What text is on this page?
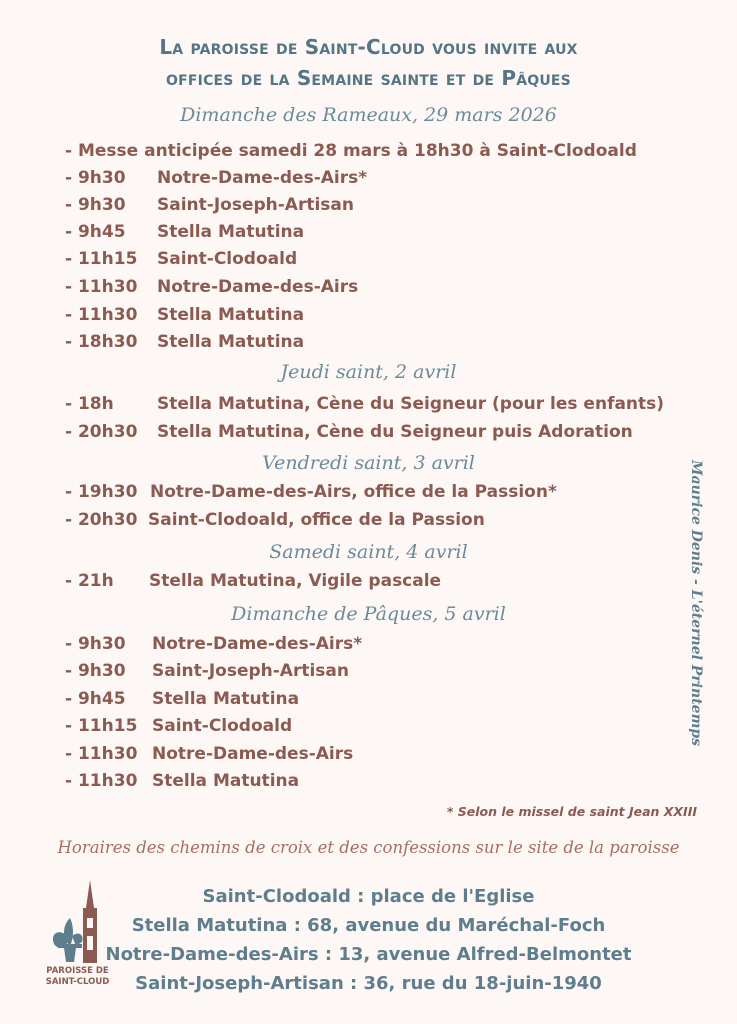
La paroisse de Saint-Cloud vous invite aux
offices de la Semaine sainte et de Pâques
Dimanche des Rameaux, 29 mars 2026
- Messe anticipée samedi 28 mars à 18h30 à Saint-Clodoald
- 9h30 Notre-Dame-des-Airs*
- 9h30 Saint-Joseph-Artisan
- 9h45 Stella Matutina
- 11h15 Saint-Clodoald
- 11h30 Notre-Dame-des-Airs
- 11h30 Stella Matutina
- 18h30 Stella Matutina
Jeudi saint, 2 avril
- 18h	Stella Matutina, Cène du Seigneur (pour les enfants)
- 20h30 Stella Matutina, Cène du Seigneur puis Adoration
Vendredi saint, 3 avril
- 19h30 Notre-Dame-des-Airs, office de la Passion*
- 20h30 Saint-Clodoald, office de la Passion
Samedi saint, 4 avril
- 21h Stella Matutina, Vigile pascale
Dimanche de Pâques, 5 avril
- 9h30 Notre-Dame-des-Airs*
- 9h30 Saint-Joseph-Artisan
- 9h45 Stella Matutina
- 11h15 Saint-Clodoald
- 11h30 Notre-Dame-des-Airs
- 11h30 Stella Matutina
Maurice Denis - L'éternel Printemps
* Selon le missel de saint Jean XXIII
Horaires des chemins de croix et des confessions sur le site de la paroisse
Saint-Clodoald : place de l'Eglise
Stella Matutina : 68, avenue du Maréchal-Foch
Notre-Dame-des-Airs : 13, avenue Alfred-Belmontet
Saint-Joseph-Artisan : 36, rue du 18-juin-1940
PAROISSE DE
SAINT-CLOUD
